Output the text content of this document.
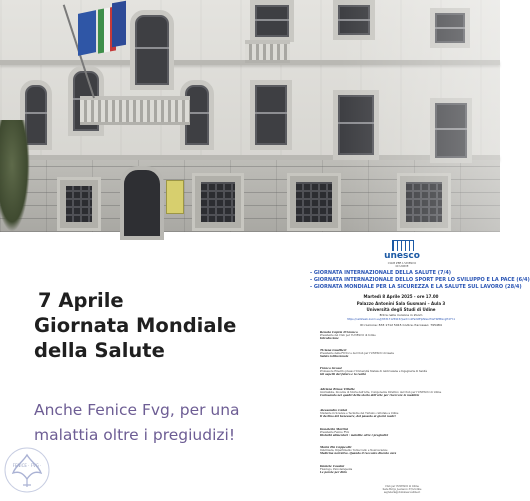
7 Aprile
Giornata Mondiale
della Salute
Anche Fenice Fvg, per una
malattia oltre i pregiudizi!
FENICE · FVG ·
unesco
CLUB PER L'UNESCO
DI UDINE
- GIORNATA INTERNAZIONALE DELLA SALUTE (7/4)
- GIORNATA INTERNAZIONALE DELLO SPORT PER LO SVILUPPO E LA PACE (6/4)
- GIORNATA MONDIALE PER LA SICUREZZA E LA SALUTE SUL LAVORO (28/4)
Martedì 8 Aprile 2025 - ore 17.00
Palazzo Antonini Sala Gusmani – Aula 3
Università degli Studi di Udine
Entra nella riunione in Zoom
https://us02web.zoom.us/j/83317125915?pwd=nkFaXWHpNIevYDeTbPMGcgH47Y.1
ID riunione: 833 1712 5915 Codice d'accesso: 795484
Renata Capria D'Aronco
Presidente del Club per l'UNESCO di Udine
Introduzione
Tiziana Gualtieri
Presidente della FICLU e del Club per l'UNESCO di Gaeta
Saluto istituzionale
Franco Grossi
Professore Emerito presso l'Università Statale di Ambrosiana e Ingegneria di Sanità
Gli aspetti del futuro e la realtà
Adriana Brusa Villatte
Giornalista, Docente di Storia dell'Arte, Componente Direttivo del Club per l'UNESCO di Udine
Curiosando nei quadri della storia dell'arte per ricercare le malattie
Alessandro Cabai
Studente in Scienze e Tecniche del Turismo culturale a Udine
Il declino del benessere, dal passato ai giorni nostri
Donatella Martini
Presidente Fenice FVG
Disturbi alimentari : malattie oltre i pregiudizi
Maria Pia Cappeotti
Infermiera, Dipartimento Terza Cello e Neuroscienze
Medicina narrativa. Quando il racconto diventa cura
Daniele Cassini
Fisiologo, Psicoterapeuta
Le parole per dirlo
Club per l'UNESCO di Udine
Sede Borgo Leonacco 37/a Udine
segreteria@clubunescoudine.it
